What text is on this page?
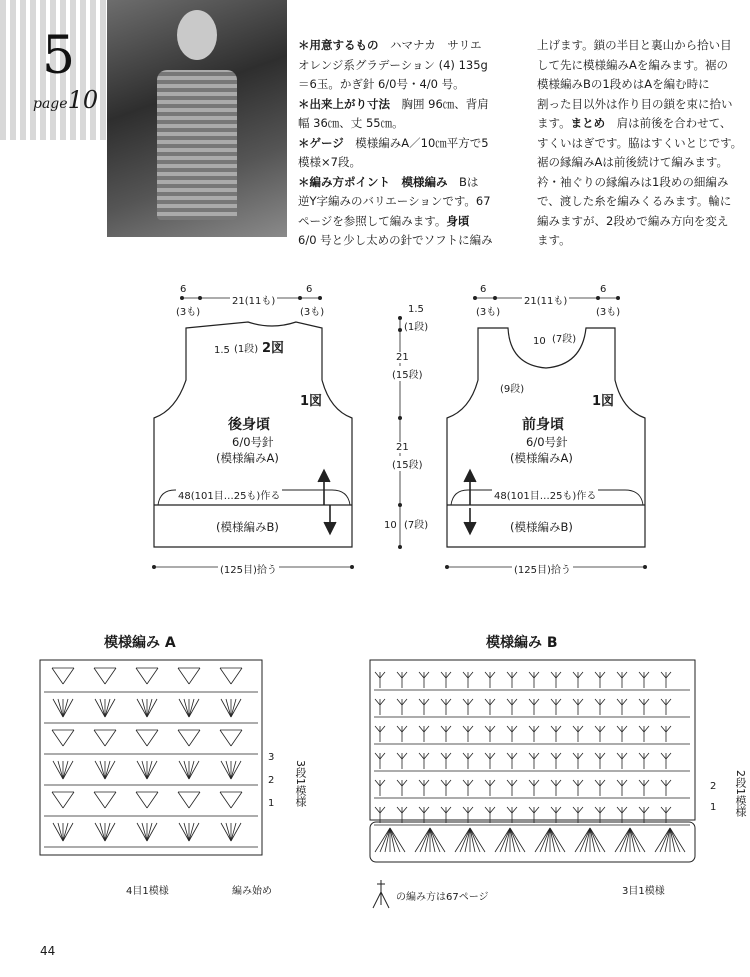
5
page10
＊用意するもの　ハマナカ　サリエ
オレンジ系グラデーション (4) 135g
＝6玉。かぎ針 6/0号・4/0 号。
＊出来上がり寸法　胸囲 96㎝、背肩
幅 36㎝、丈 55㎝。
＊ゲージ　模様編みA／10㎝平方で5
模様×7段。
＊編み方ポイント　模様編み　Bは
逆Y字編みのバリエーションです。67
ページを参照して編みます。身頃
6/0 号と少し太めの針でソフトに編み
上げます。鎖の半目と裏山から拾い目
して先に模様編みAを編みます。裾の
模様編みBの1段めはAを編む時に
割った目以外は作り目の鎖を束に拾い
ます。まとめ　肩は前後を合わせて、
すくいはぎです。脇はすくいとじです。
裾の縁編みAは前後続けて編みます。
衿・袖ぐりの縁編みは1段めの細編み
で、渡した糸を編みくるみます。輪に
編みますが、2段めで編み方向を変え
ます。
6
(3も)
21(11も)
6
(3も)
1.5 (1段) 2図
1図
後身頃
6/0号針
(模様編みA)
48(101目…25も)作る
(模様編みB)
(125目)拾う
6
(3も)
21(11も)
6
(3も)
10 (7段)
(9段)
1図
前身頃
6/0号針
(模様編みA)
48(101目…25も)作る
(模様編みB)
(125目)拾う
1.5
(1段)
21
(15段)
21
(15段)
10 (7段)
模様編み A
3
2
1 3段1模様
4目1模様	編み始め
模様編み B
2
1 2段1模様
3目1模様
の編み方は67ページ
44
